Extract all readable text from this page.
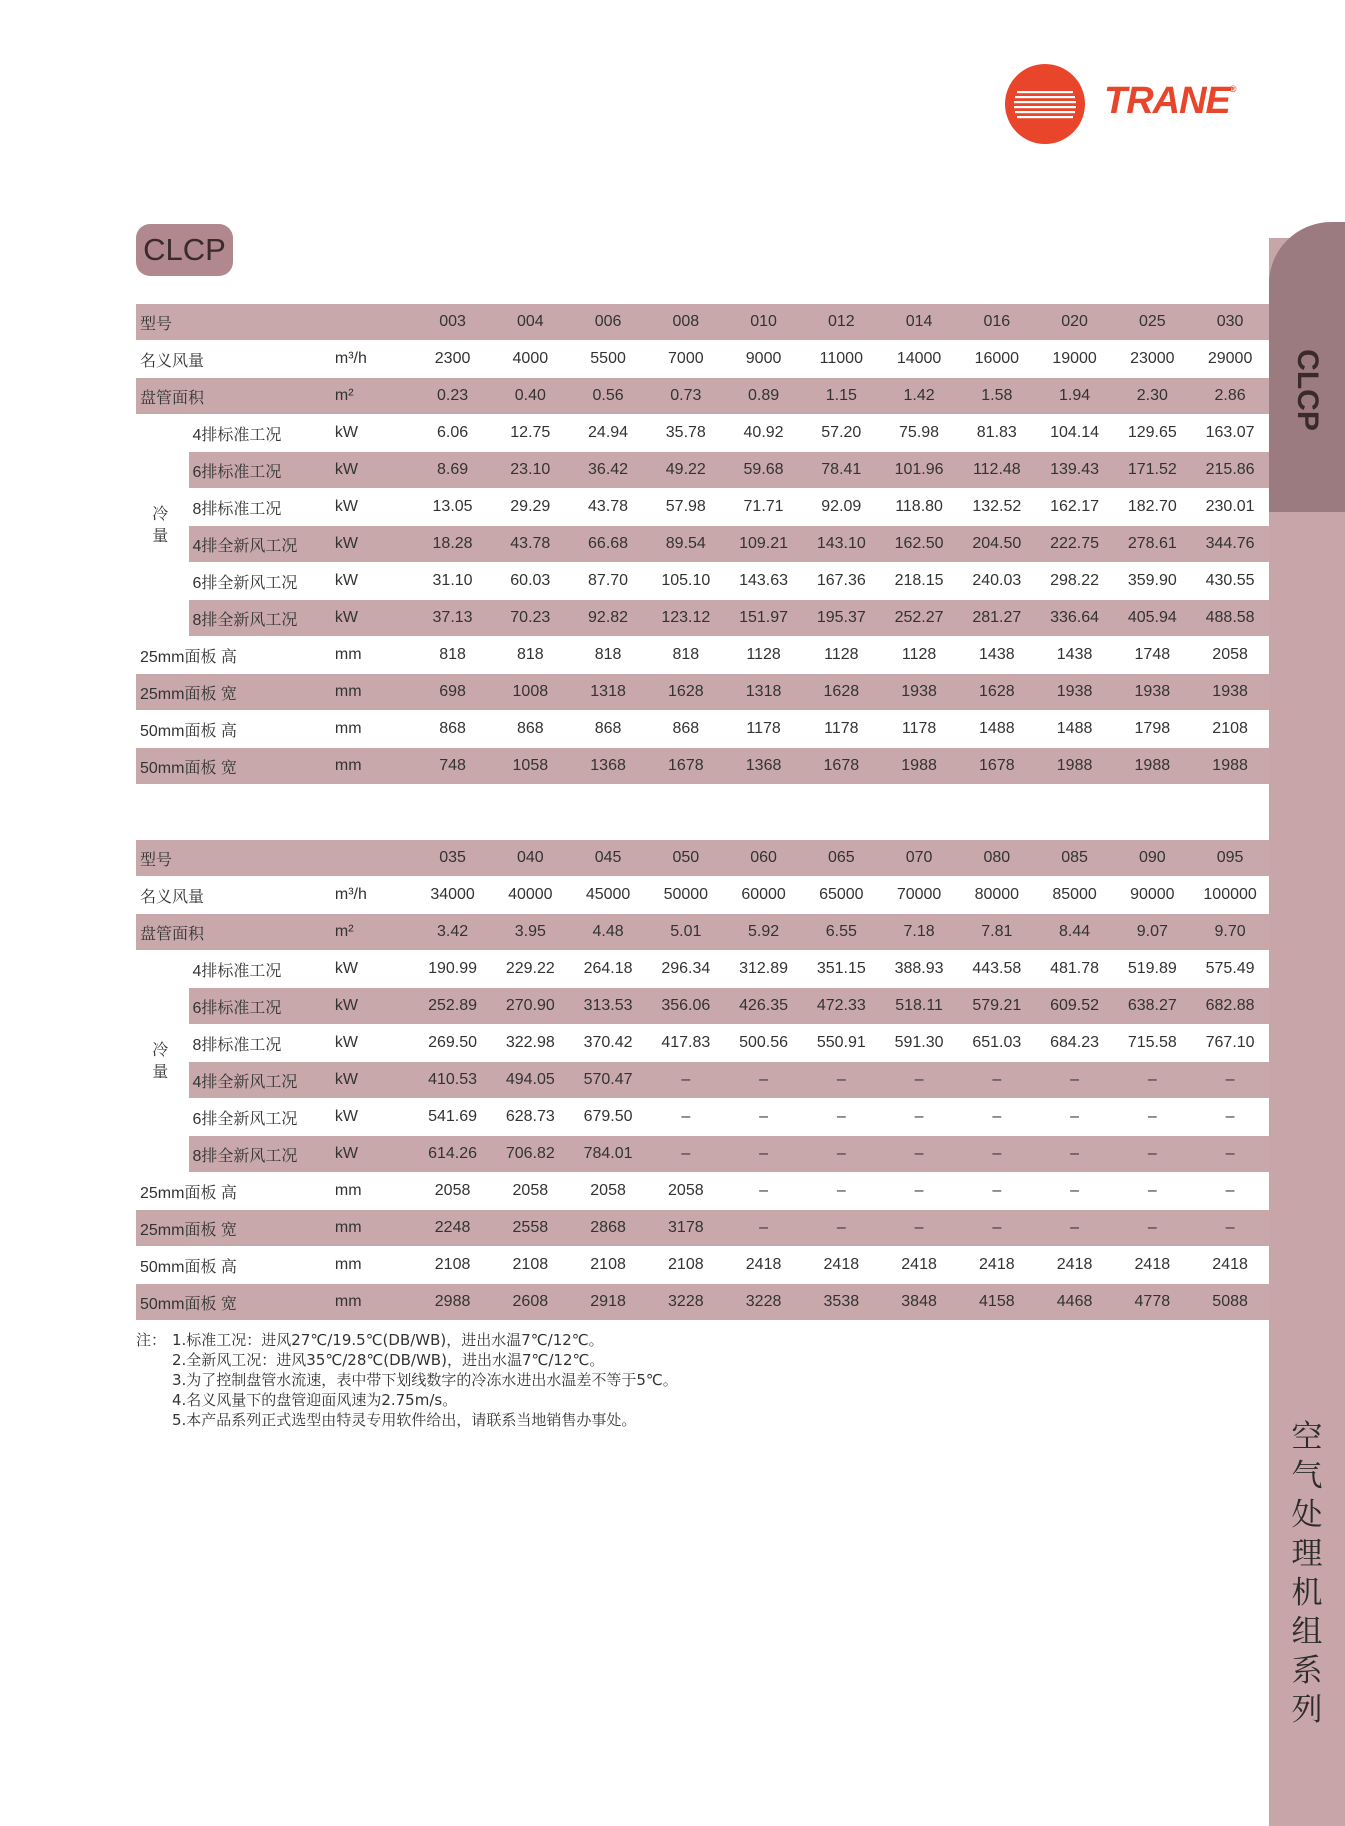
TRANE®
CLCP
空
气
处
理
机
组
系
列
CLCP
型号			003	004	006	008	010	012	014	016	020	025	030
名义风量		m³/h	2300	4000	5500	7000	9000	11000	14000	16000	19000	23000	29000
盘管面积		m²	0.23	0.40	0.56	0.73	0.89	1.15	1.42	1.58	1.94	2.30	2.86

冷
量	4排标准工况	kW	6.06	12.75	24.94	35.78	40.92	57.20	75.98	81.83	104.14	129.65	163.07
	6排标准工况	kW	8.69	23.10	36.42	49.22	59.68	78.41	101.96	112.48	139.43	171.52	215.86
	8排标准工况	kW	13.05	29.29	43.78	57.98	71.71	92.09	118.80	132.52	162.17	182.70	230.01
	4排全新风工况	kW	18.28	43.78	66.68	89.54	109.21	143.10	162.50	204.50	222.75	278.61	344.76
	6排全新风工况	kW	31.10	60.03	87.70	105.10	143.63	167.36	218.15	240.03	298.22	359.90	430.55
	8排全新风工况	kW	37.13	70.23	92.82	123.12	151.97	195.37	252.27	281.27	336.64	405.94	488.58
25mm面板 高		mm	818	818	818	818	1128	1128	1128	1438	1438	1748	2058
25mm面板 宽		mm	698	1008	1318	1628	1318	1628	1938	1628	1938	1938	1938
50mm面板 高		mm	868	868	868	868	1178	1178	1178	1488	1488	1798	2108
50mm面板 宽		mm	748	1058	1368	1678	1368	1678	1988	1678	1988	1988	1988
型号			035	040	045	050	060	065	070	080	085	090	095
名义风量		m³/h	34000	40000	45000	50000	60000	65000	70000	80000	85000	90000	100000
盘管面积		m²	3.42	3.95	4.48	5.01	5.92	6.55	7.18	7.81	8.44	9.07	9.70

冷
量	4排标准工况	kW	190.99	229.22	264.18	296.34	312.89	351.15	388.93	443.58	481.78	519.89	575.49
	6排标准工况	kW	252.89	270.90	313.53	356.06	426.35	472.33	518.11	579.21	609.52	638.27	682.88
	8排标准工况	kW	269.50	322.98	370.42	417.83	500.56	550.91	591.30	651.03	684.23	715.58	767.10
	4排全新风工况	kW	410.53	494.05	570.47	–	–	–	–	–	–	–	–
	6排全新风工况	kW	541.69	628.73	679.50	–	–	–	–	–	–	–	–
	8排全新风工况	kW	614.26	706.82	784.01	–	–	–	–	–	–	–	–
25mm面板 高		mm	2058	2058	2058	2058	–	–	–	–	–	–	–
25mm面板 宽		mm	2248	2558	2868	3178	–	–	–	–	–	–	–
50mm面板 高		mm	2108	2108	2108	2108	2418	2418	2418	2418	2418	2418	2418
50mm面板 宽		mm	2988	2608	2918	3228	3228	3538	3848	4158	4468	4778	5088
注： 1.标准工况：进风27℃/19.5℃(DB/WB)，进出水温7℃/12℃。
2.全新风工况：进风35℃/28℃(DB/WB)，进出水温7℃/12℃。
3.为了控制盘管水流速，表中带下划线数字的冷冻水进出水温差不等于5℃。
4.名义风量下的盘管迎面风速为2.75m/s。
5.本产品系列正式选型由特灵专用软件给出，请联系当地销售办事处。
